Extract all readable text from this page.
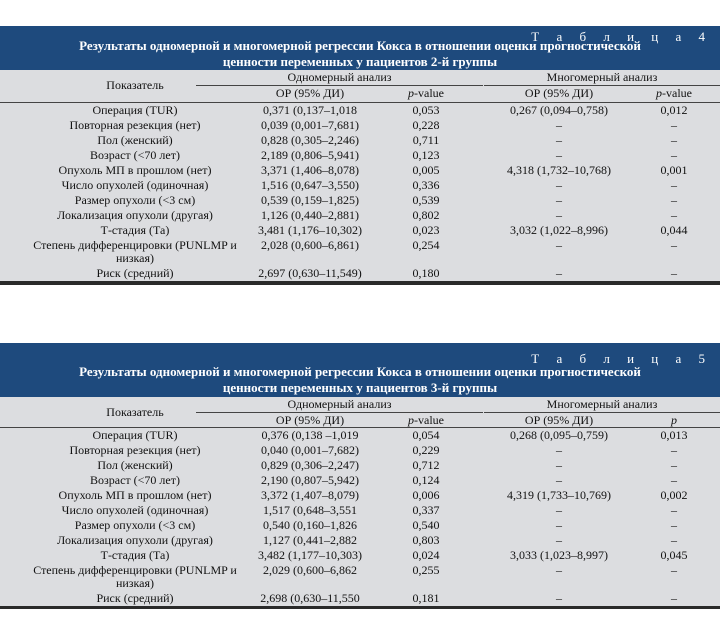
Т а б л и ц а 4
Результаты одномерной и многомерной регрессии Кокса в отношении оценки прогностической
ценности переменных у пациентов 2-й группы
Показатель
Одномерный анализ	Многомерный анализ
ОР (95% ДИ)	p-value	ОР (95% ДИ)	p-value
Операция (TUR)	0,371 (0,137–1,018	0,053	0,267 (0,094–0,758)	0,012
Повторная резекция (нет)	0,039 (0,001–7,681)	0,228	–	–
Пол (женский)	0,828 (0,305–2,246)	0,711	–	–
Возраст (<70 лет)	2,189 (0,806–5,941)	0,123	–	–
Опухоль МП в прошлом (нет)	3,371 (1,406–8,078)	0,005	4,318 (1,732–10,768)	0,001
Число опухолей (одиночная)	1,516 (0,647–3,550)	0,336	–	–
Размер опухоли (<3 см)	0,539 (0,159–1,825)	0,539	–	–
Локализация опухоли (другая)	1,126 (0,440–2,881)	0,802	–	–
Т-стадия (Та)	3,481 (1,176–10,302)	0,023	3,032 (1,022–8,996)	0,044
Степень дифференцировки (PUNLMP и низкая)
2,028 (0,600–6,861)	0,254	–	–
Риск (средний)	2,697 (0,630–11,549)	0,180	–	–
Т а б л и ц а 5
Результаты одномерной и многомерной регрессии Кокса в отношении оценки прогностической
ценности переменных у пациентов 3-й группы
Показатель
Одномерный анализ	Многомерный анализ
ОР (95% ДИ)	p-value	ОР (95% ДИ)	p
Операция (TUR)	0,376 (0,138 –1,019	0,054	0,268 (0,095–0,759)	0,013
Повторная резекция (нет)	0,040 (0,001–7,682)	0,229	–	–
Пол (женский)	0,829 (0,306–2,247)	0,712	–	–
Возраст (<70 лет)	2,190 (0,807–5,942)	0,124	–	–
Опухоль МП в прошлом (нет)	3,372 (1,407–8,079)	0,006	4,319 (1,733–10,769)	0,002
Число опухолей (одиночная)	1,517 (0,648–3,551	0,337	–	–
Размер опухоли (<3 см)	0,540 (0,160–1,826	0,540	–	–
Локализация опухоли (другая)	1,127 (0,441–2,882	0,803	–	–
Т-стадия (Та)	3,482 (1,177–10,303)	0,024	3,033 (1,023–8,997)	0,045
Степень дифференцировки (PUNLMP и низкая)
2,029 (0,600–6,862	0,255	–	–
Риск (средний)	2,698 (0,630–11,550	0,181	–	–
